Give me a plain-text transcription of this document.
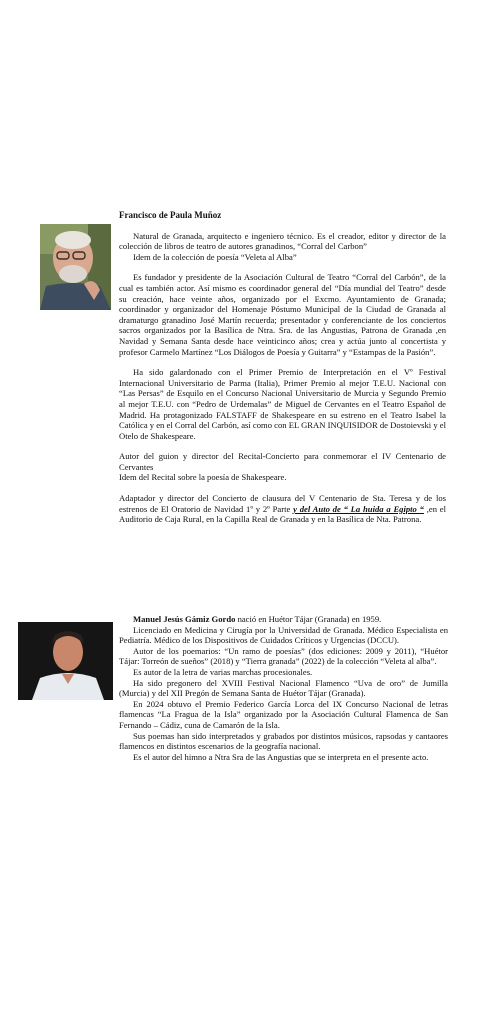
Francisco de Paula Muñoz

Natural de Granada, arquitecto e ingeniero técnico. Es el creador, editor y director de la colección de libros de teatro de autores granadinos, “Corral del Carbon”

Idem de la colección de poesía “Veleta al Alba”

Es fundador y presidente de la Asociación Cultural de Teatro “Corral del Carbón”, de la cual es también actor. Así mismo es coordinador general del “Día mundial del Teatro” desde su creación, hace veinte años, organizado por el Excmo. Ayuntamiento de Granada; coordinador y organizador del Homenaje Póstumo Municipal de la Ciudad de Granada al dramaturgo granadino José Martín recuerda; presentador y conferenciante de los conciertos sacros organizados por la Basílica de Ntra. Sra. de las Angustias, Patrona de Granada ,en Navidad y Semana Santa desde hace veinticinco años; crea y actúa junto al concertista y profesor Carmelo Martínez “Los Diálogos de Poesía y Guitarra” y “Estampas de la Pasión”.

Ha sido galardonado con el Primer Premio de Interpretación en el Vº Festival Internacional Universitario de Parma (Italia), Primer Premio al mejor T.E.U. Nacional con “Las Persas” de Esquilo en el Concurso Nacional Universitario de Murcia y Segundo Premio al mejor T.E.U. con “Pedro de Urdemalas” de Miguel de Cervantes en el Teatro Español de Madrid. Ha protagonizado FALSTAFF de Shakespeare en su estreno en el Teatro Isabel la Católica y en el Corral del Carbón, así como con EL GRAN INQUISIDOR de Dostoievski y el Otelo de Shakespeare.

Autor del guion y director del Recital-Concierto para conmemorar el IV Centenario de Cervantes

Idem del Recital sobre la poesía de Shakespeare.

Adaptador y director del Concierto de clausura del V Centenario de Sta. Teresa y de los estrenos de El Oratorio de Navidad 1º y 2º Parte y del Auto de “ La huida a Egipto “ ,en el Auditorio de Caja Rural, en la Capilla Real de Granada y en la Basílica de Nta. Patrona.

Manuel Jesús Gámiz Gordo nació en Huétor Tájar (Granada) en 1959.

Licenciado en Medicina y Cirugía por la Universidad de Granada. Médico Especialista en Pediatría. Médico de los Dispositivos de Cuidados Críticos y Urgencias (DCCU).

Autor de los poemarios: “Un ramo de poesías” (dos ediciones: 2009 y 2011), “Huétor Tájar: Torreón de sueños” (2018) y “Tierra granada” (2022) de la colección “Veleta al alba”.

Es autor de la letra de varias marchas procesionales.

Ha sido pregonero del XVIII Festival Nacional Flamenco “Uva de oro” de Jumilla (Murcia) y del XII Pregón de Semana Santa de Huétor Tájar (Granada).

En 2024 obtuvo el Premio Federico García Lorca del IX Concurso Nacional de letras flamencas “La Fragua de la Isla” organizado por la Asociación Cultural Flamenca de San Fernando – Cádiz, cuna de Camarón de la Isla.

Sus poemas han sido interpretados y grabados por distintos músicos, rapsodas y cantaores flamencos en distintos escenarios de la geografía nacional.

Es el autor del himno a Ntra Sra de las Angustias que se interpreta en el presente acto.
